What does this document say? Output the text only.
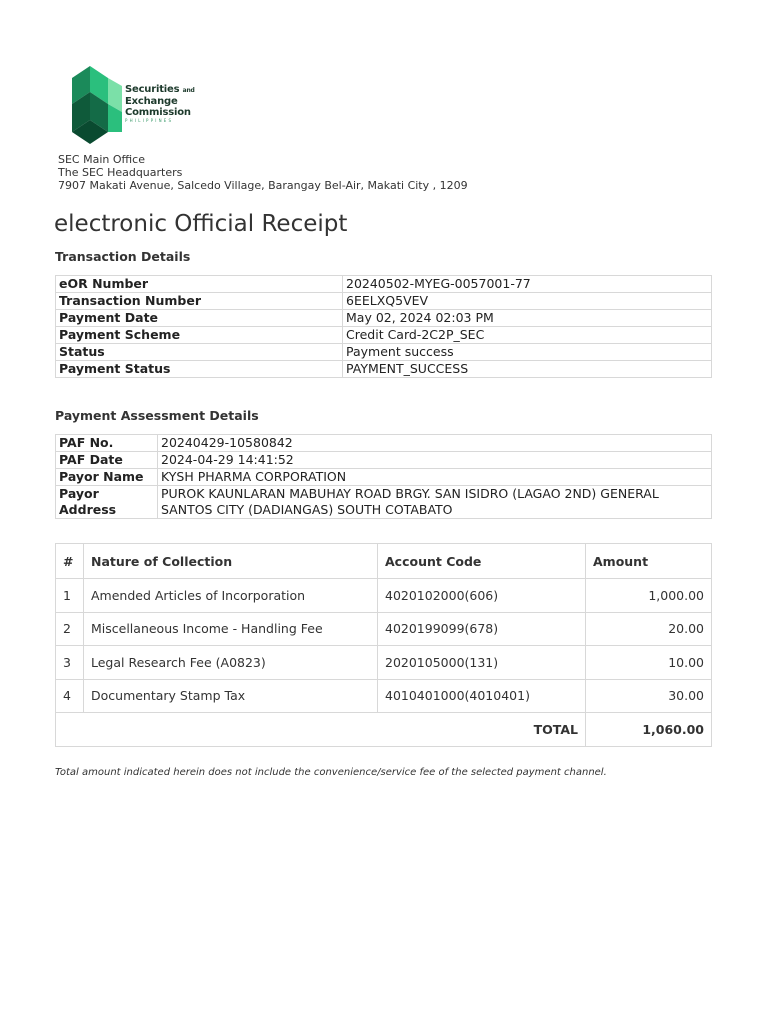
Securities and
Exchange
Commission
PHILIPPINES
SEC Main Office
The SEC Headquarters
7907 Makati Avenue, Salcedo Village, Barangay Bel-Air, Makati City , 1209
electronic Official Receipt
Transaction Details
eOR Number	20240502-MYEG-0057001-77
Transaction Number	6EELXQ5VEV
Payment Date	May 02, 2024 02:03 PM
Payment Scheme	Credit Card-2C2P_SEC
Status	Payment success
Payment Status	PAYMENT_SUCCESS
Payment Assessment Details
PAF No.	20240429-10580842
PAF Date	2024-04-29 14:41:52
Payor Name	KYSH PHARMA CORPORATION
Payor Address	PUROK KAUNLARAN MABUHAY ROAD BRGY. SAN ISIDRO (LAGAO 2ND) GENERAL SANTOS CITY (DADIANGAS) SOUTH COTABATO
#	Nature of Collection	Account Code	Amount
1	Amended Articles of Incorporation	4020102000(606)	1,000.00
2	Miscellaneous Income - Handling Fee	4020199099(678)	20.00
3	Legal Research Fee (A0823)	2020105000(131)	10.00
4	Documentary Stamp Tax	4010401000(4010401)	30.00
TOTAL			1,060.00
Total amount indicated herein does not include the convenience/service fee of the selected payment channel.
